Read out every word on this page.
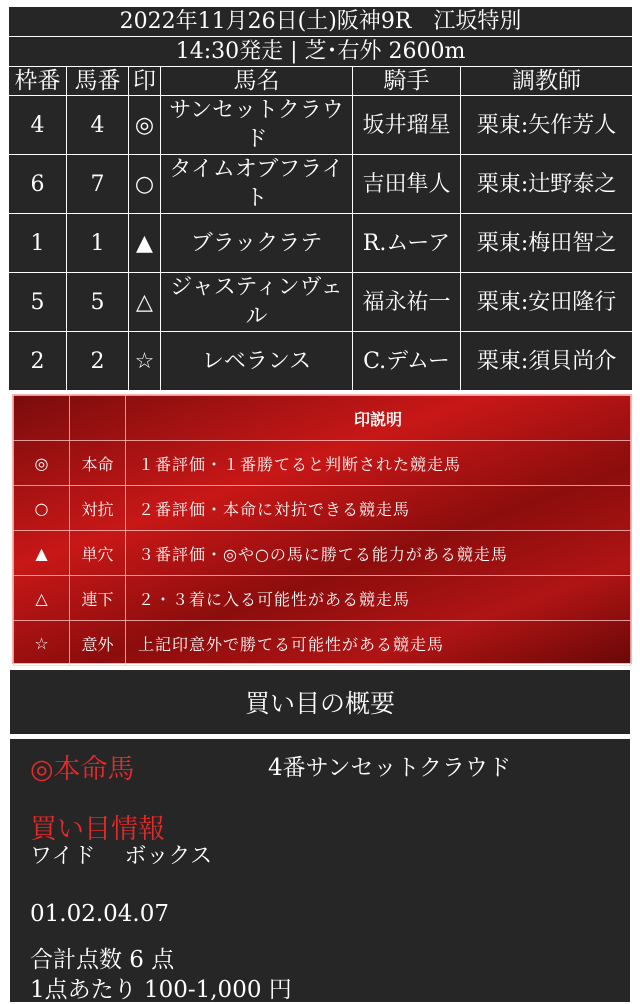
2022年11月26日(土)阪神9R　江坂特別					
14:30発走 | 芝･右外 2600m					
枠番	馬番	印	馬名	騎手	調教師
4	4	◎	サンセットクラウド	坂井瑠星	栗東:矢作芳人
6	7	○	タイムオブフライト	吉田隼人	栗東:辻野泰之
1	1	▲	ブラックラテ	R.ムーア	栗東:梅田智之
5	5	△	ジャスティンヴェル	福永祐一	栗東:安田隆行
2	2	☆	レベランス	C.デムー	栗東:須貝尚介
		印説明
◎	本命	１番評価・１番勝てると判断された競走馬
○	対抗	２番評価・本命に対抗できる競走馬
▲	単穴	３番評価・◎や○の馬に勝てる能力がある競走馬
△	連下	２・３着に入る可能性がある競走馬
☆	意外	上記印意外で勝てる可能性がある競走馬
買い目の概要
◎本命馬	4番サンセットクラウド
買い目情報
ワイド　 ボックス
01.02.04.07
合計点数 6 点
1点あたり 100-1,000 円
